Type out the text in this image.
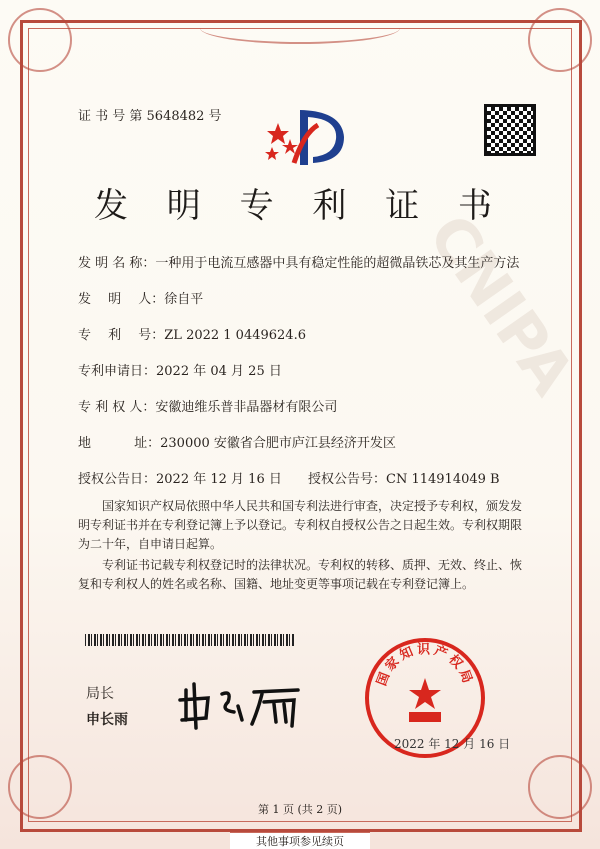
CNIPA
证 书 号 第 5648482 号
发 明 专 利 证 书
发 明 名 称：一种用于电流互感器中具有稳定性能的超微晶铁芯及其生产方法
发　 明　 人：徐自平
专　 利　 号：ZL 2022 1 0449624.6
专利申请日：2022 年 04 月 25 日
专 利 权 人：安徽迪维乐普非晶器材有限公司
地　　　 址：230000 安徽省合肥市庐江县经济开发区
授权公告日：2022 年 12 月 16 日 授权公告号：CN 114914049 B
国家知识产权局依照中华人民共和国专利法进行审查，决定授予专利权，颁发发明专利证书并在专利登记簿上予以登记。专利权自授权公告之日起生效。专利权期限为二十年，自申请日起算。
专利证书记载专利权登记时的法律状况。专利权的转移、质押、无效、终止、恢复和专利权人的姓名或名称、国籍、地址变更等事项记载在专利登记簿上。
局长
申长雨
国家知识产权局
2022 年 12 月 16 日
第 1 页 (共 2 页)
其他事项参见续页
